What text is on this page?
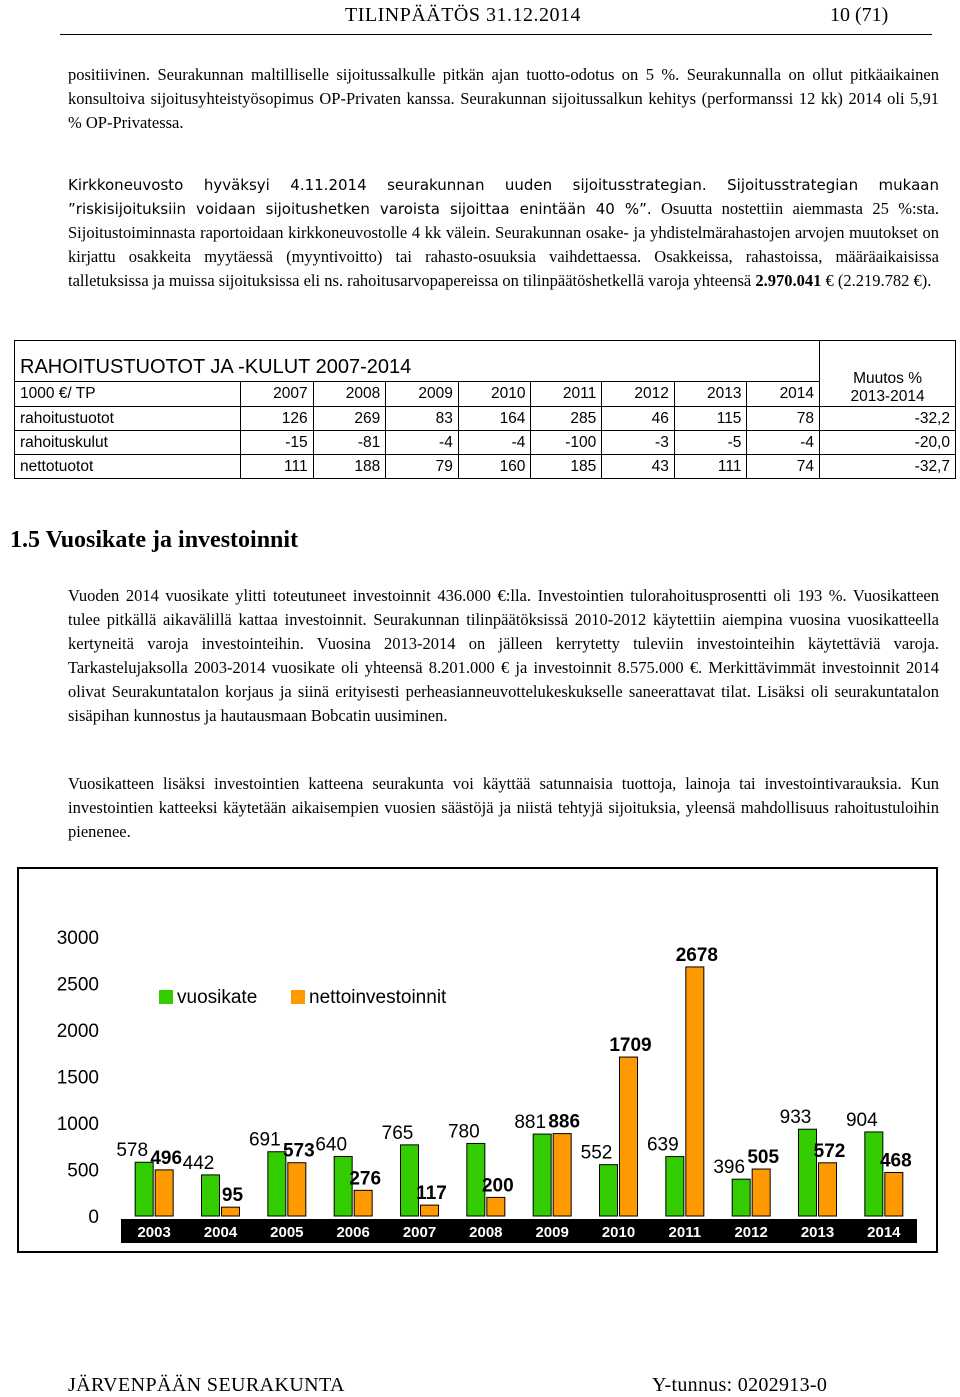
TILINPÄÄTÖS 31.12.2014	10 (71)

positiivinen. Seurakunnan maltilliselle sijoitussalkulle pitkän ajan tuotto-odotus on 5 %. Seurakunnalla on ollut pitkäaikainen konsultoiva sijoitusyhteistyösopimus OP-Privaten kanssa. Seurakunnan sijoitussalkun kehitys (performanssi 12 kk) 2014 oli 5,91 % OP-Privatessa.

Kirkkoneuvosto hyväksyi 4.11.2014 seurakunnan uuden sijoitusstrategian. Sijoitusstrategian mukaan ”riskisijoituksiin voidaan sijoitushetken varoista sijoittaa enintään 40 %”. Osuutta nostettiin aiemmasta 25 %:sta. Sijoitustoiminnasta raportoidaan kirkkoneuvostolle 4 kk välein. Seurakunnan osake- ja yhdistelmärahastojen arvojen muutokset on kirjattu osakkeita myytäessä (myyntivoitto) tai rahasto-osuuksia vaihdettaessa. Osakkeissa, rahastoissa, määräaikaisissa talletuksissa ja muissa sijoituksissa eli ns. rahoitusarvopapereissa on tilinpäätöshetkellä varoja yhteensä 2.970.041 € (2.219.782 €).

RAHOITUSTUOTOT JA -KULUT 2007-2014									Muutos %
2013-2014

1000 €/ TP	2007	2008	2009	2010	2011	2012	2013	2014	
rahoitustuotot	126	269	83	164	285	46	115	78	-32,2
rahoituskulut	-15	-81	-4	-4	-100	-3	-5	-4	-20,0
nettotuotot	111	188	79	160	185	43	111	74	-32,7
1.5 Vuosikate ja investoinnit

Vuoden 2014 vuosikate ylitti toteutuneet investoinnit 436.000 €:lla. Investointien tulorahoitusprosentti oli 193 %. Vuosikatteen tulee pitkällä aikavälillä kattaa investoinnit. Seurakunnan tilinpäätöksissä 2010-2012 käytettiin aiempina vuosina vuosikatteella kertyneitä varoja investointeihin. Vuosina 2013-2014 on jälleen kerrytetty tuleviin investointeihin käytettäviä varoja. Tarkastelujaksolla 2003-2014 vuosikate oli yhteensä 8.201.000 € ja investoinnit 8.575.000 €. Merkittävimmät investoinnit 2014 olivat Seurakuntatalon korjaus ja siinä erityisesti perheasianneuvottelukeskukselle saneerattavat tilat. Lisäksi oli seurakuntatalon sisäpihan kunnostus ja hautausmaan Bobcatin uusiminen.

Vuosikatteen lisäksi investointien katteena seurakunta voi käyttää satunnaisia tuottoja, lainoja tai investointivarauksia. Kun investointien katteeksi käytetään aikaisempien vuosien säästöjä ja niistä tehtyjä sijoituksia, yleensä mahdollisuus rahoitustuloihin pienenee.

0
500
1000
1500
2000
2500
3000
2003
578 496
2004
442
95
2005
691
573
2006
640
276
2007
765
117
2008
780
200
2009
881 886
2010
552
1709
2011
639
2678
2012
396 505
2013
933
572
2014
904
468
vuosikate	nettoinvestoinnit
JÄRVENPÄÄN SEURAKUNTA	Y-tunnus: 0202913-0
